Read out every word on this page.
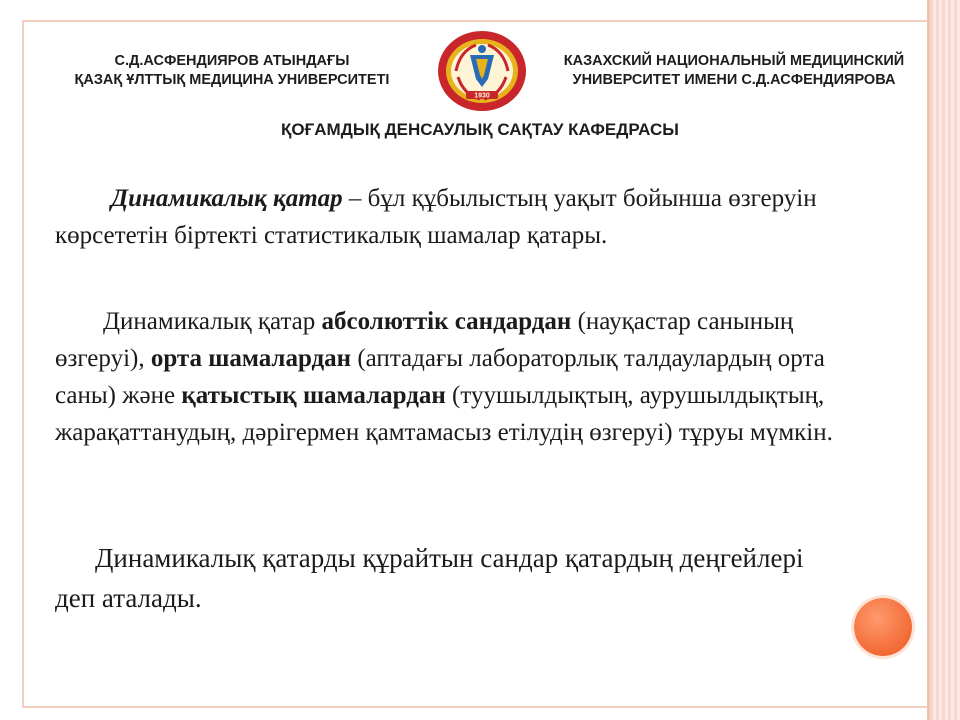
С.Д.АСФЕНДИЯРОВ АТЫНДАҒЫ
ҚАЗАҚ ҰЛТТЫҚ МЕДИЦИНА УНИВЕРСИТЕТІ
1930
КАЗАХСКИЙ НАЦИОНАЛЬНЫЙ МЕДИЦИНСКИЙ
УНИВЕРСИТЕТ ИМЕНИ С.Д.АСФЕНДИЯРОВА
ҚОҒАМДЫҚ ДЕНСАУЛЫҚ САҚТАУ КАФЕДРАСЫ

Динамикалық қатар – бұл құбылыстың уақыт бойынша өзгеруін көрсететін біртекті статистикалық шамалар қатары.

Динамикалық қатар абсолюттік сандардан (науқастар санының өзгеруі), орта шамалардан (аптадағы лабораторлық талдаулардың орта саны) және қатыстық шамалардан (туушылдықтың, аурушылдықтың, жарақаттанудың, дәрігермен қамтамасыз етілудің өзгеруі) тұруы мүмкін.

Динамикалық қатарды құрайтын сандар қатардың деңгейлері деп аталады.
